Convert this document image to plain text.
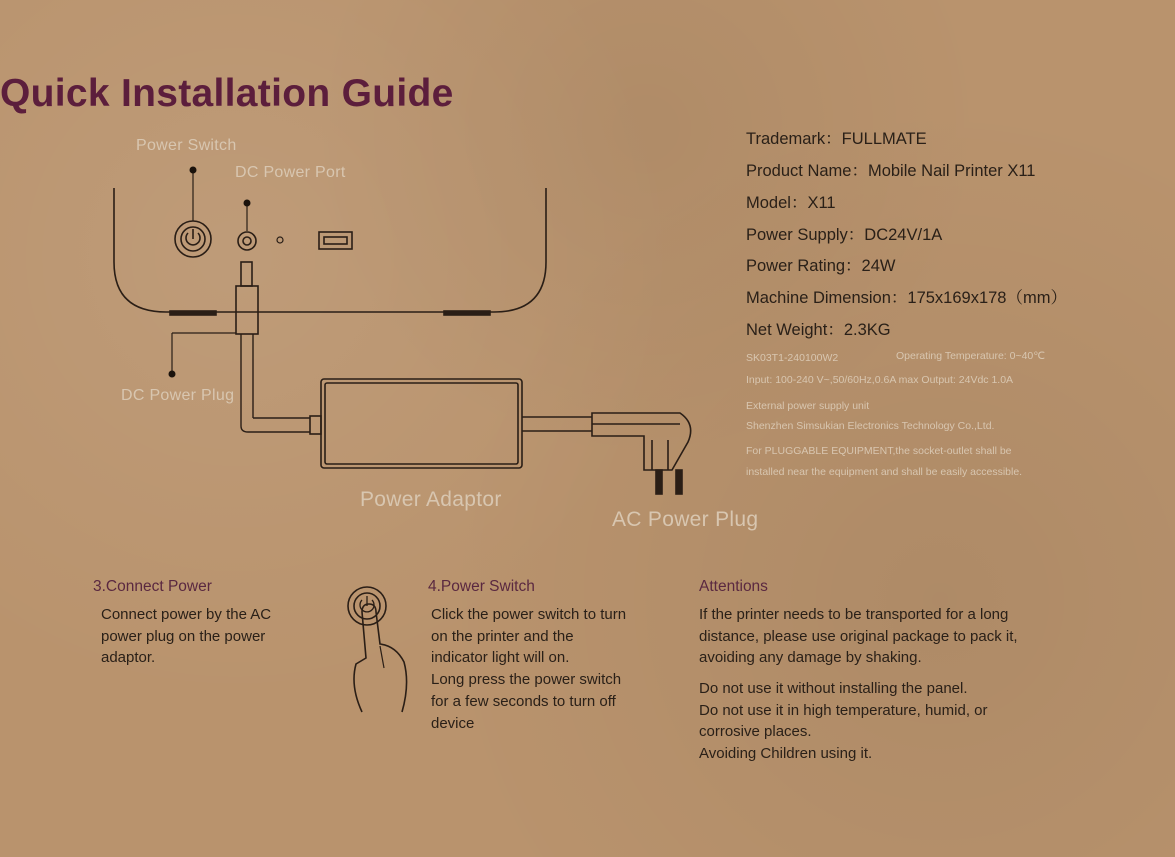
Quick Installation Guide
Power Switch
DC Power Port
DC Power Plug
Power Adaptor
AC Power Plug
Trademark：FULLMATE
Product Name：Mobile Nail Printer X11
Model：X11
Power Supply：DC24V/1A
Power Rating：24W
Machine Dimension：175x169x178（mm）
Net Weight：2.3KG
SK03T1-240100W2	Operating Temperature: 0~40℃
Input: 100-240 V~,50/60Hz,0.6A max Output: 24Vdc 1.0A
External power supply unit
Shenzhen Simsukian Electronics Technology Co.,Ltd.
For PLUGGABLE EQUIPMENT,the socket-outlet shall be
installed near the equipment and shall be easily accessible.
3.Connect Power
Connect power by the AC
power plug on the power
adaptor.
4.Power Switch
Click the power switch to turn
on the printer and the
indicator light will on.
Long press the power switch
for a few seconds to turn off
device
Attentions
If the printer needs to be transported for a long
distance, please use original package to pack it,
avoiding any damage by shaking.
Do not use it without installing the panel.
Do not use it in high temperature, humid, or
corrosive places.
Avoiding Children using it.
